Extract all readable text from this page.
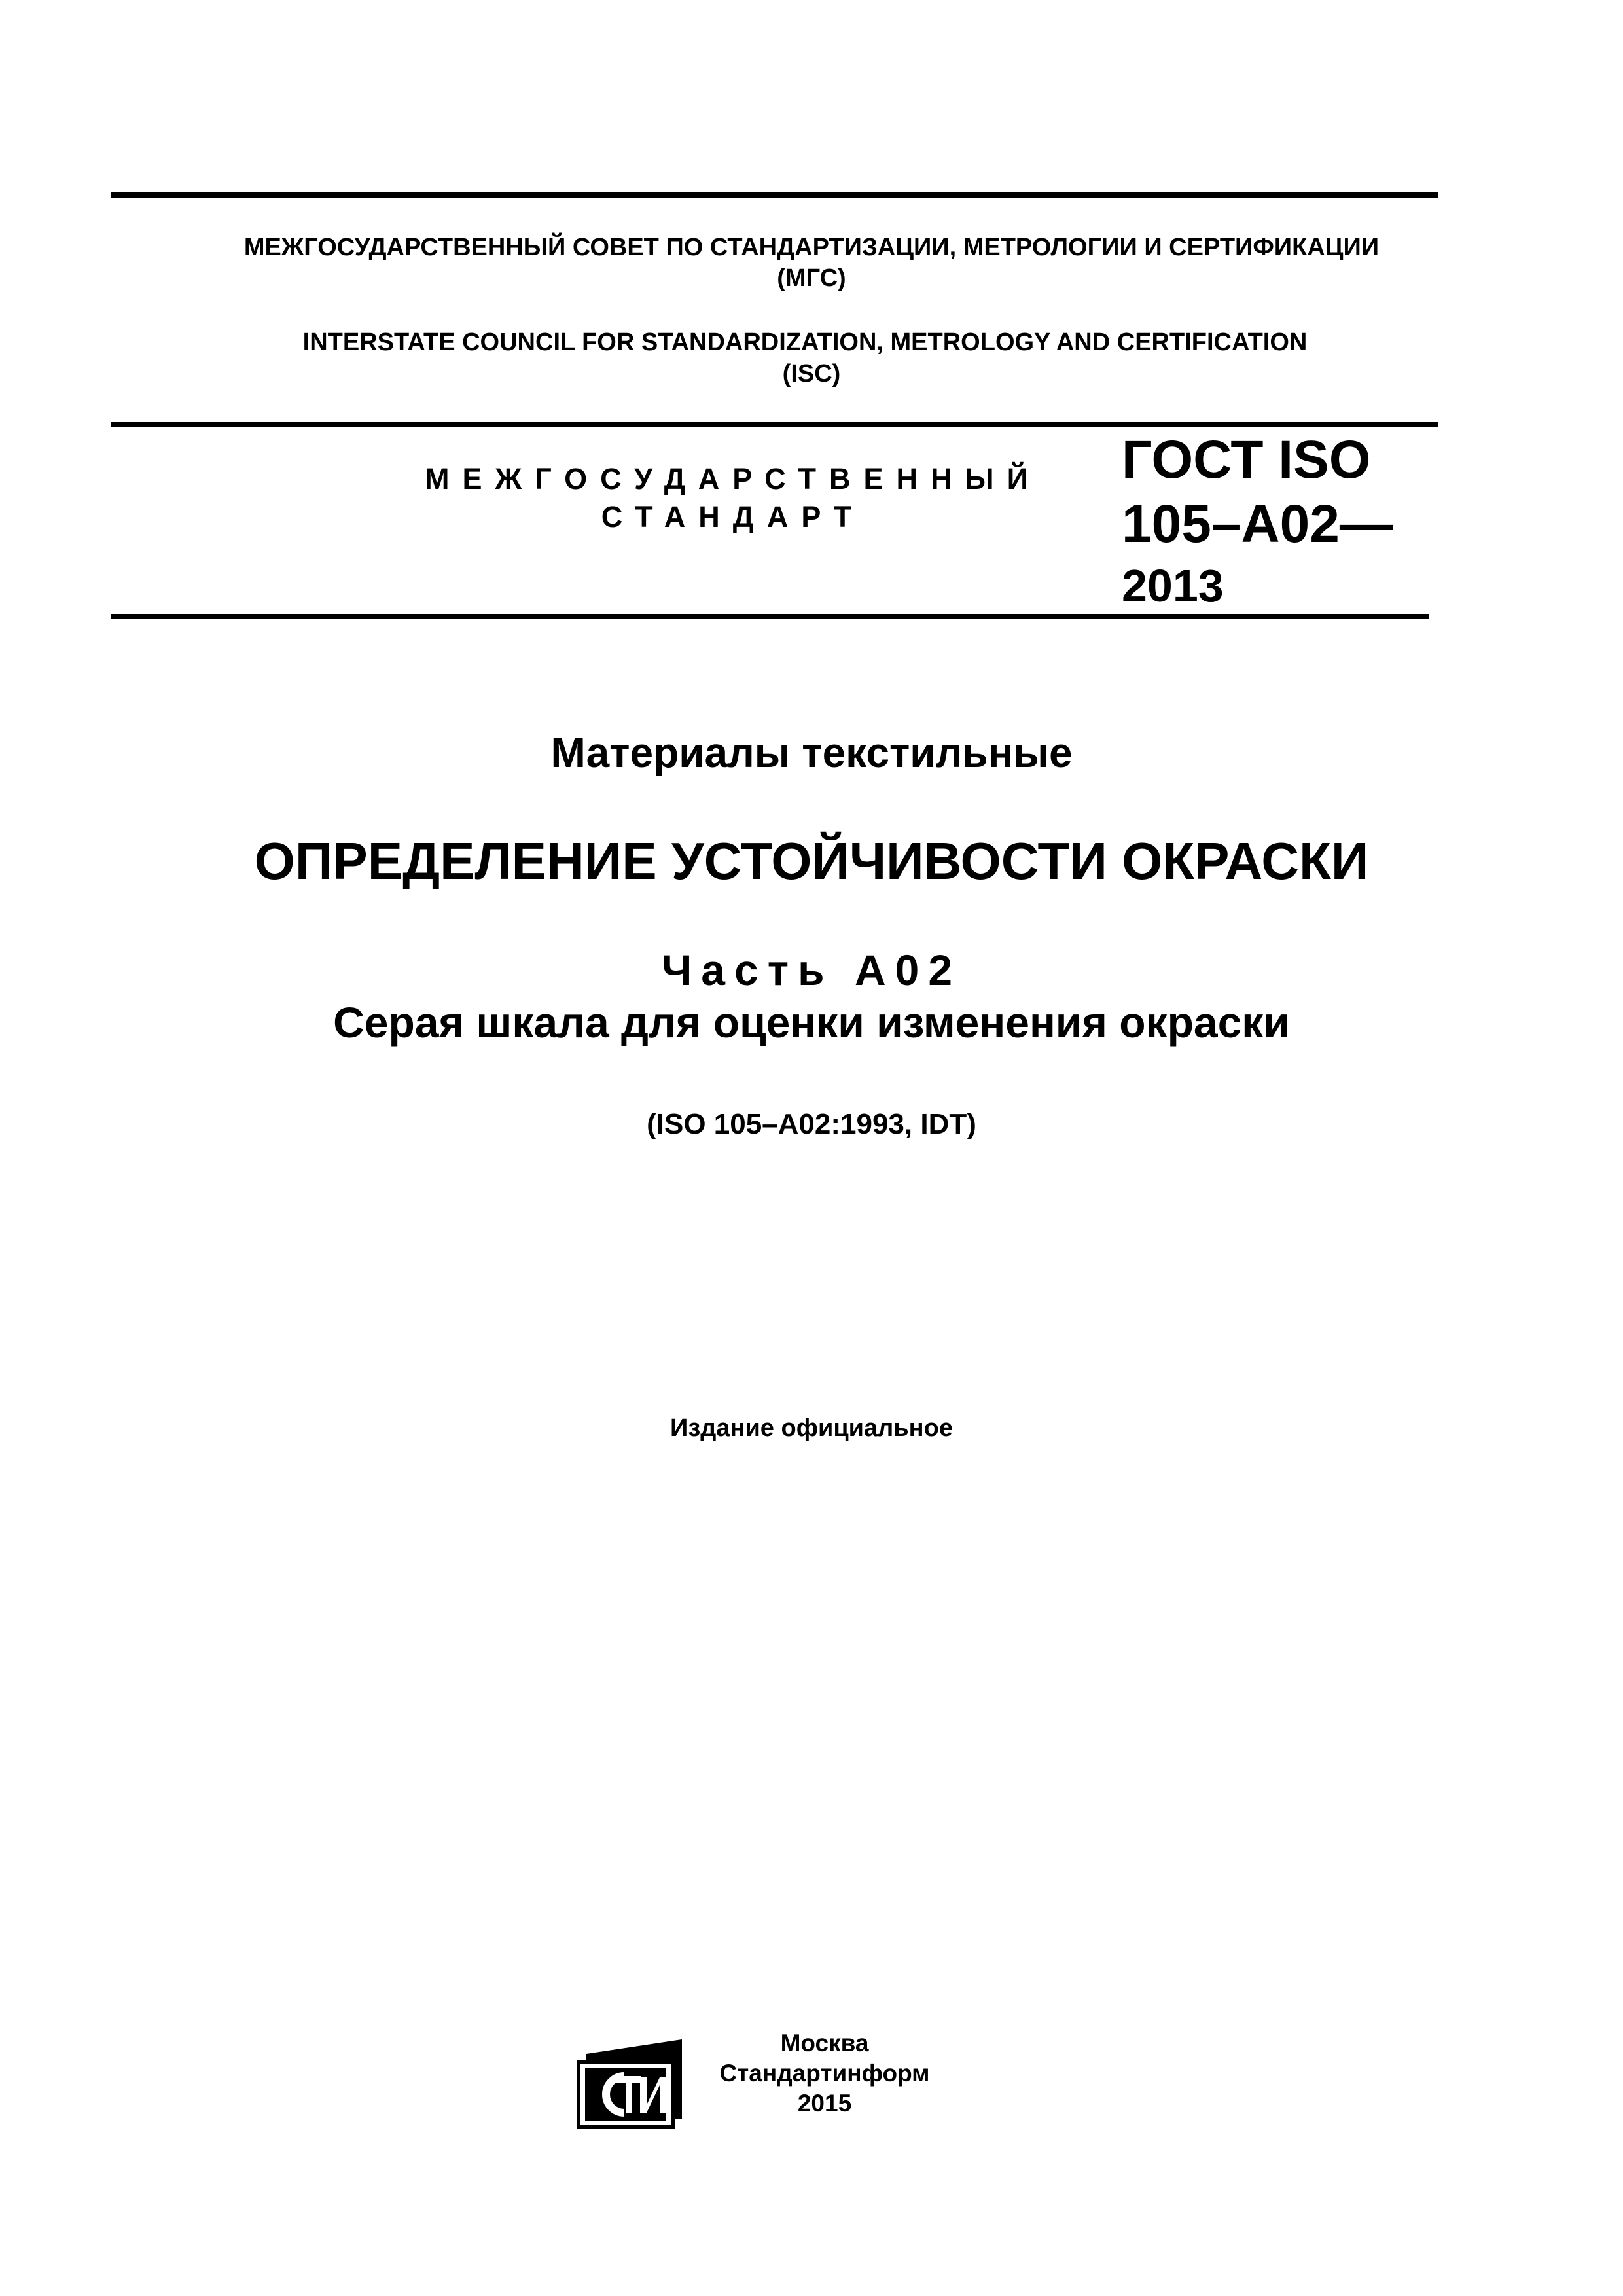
МЕЖГОСУДАРСТВЕННЫЙ СОВЕТ ПО СТАНДАРТИЗАЦИИ, МЕТРОЛОГИИ И СЕРТИФИКАЦИИ
(МГС)
INTERSTATE COUNCIL FOR STANDARDIZATION, METROLOGY AND CERTIFICATION
(ISC)
МЕЖГОСУДАРСТВЕННЫЙ
СТАНДАРТ
ГОСТ ISO
105–A02—
2013
Материалы текстильные
ОПРЕДЕЛЕНИЕ УСТОЙЧИВОСТИ ОКРАСКИ
Часть A02
Серая шкала для оценки изменения окраски
(ISO 105–A02:1993, IDT)
Издание официальное
Москва
Стандартинформ
2015
